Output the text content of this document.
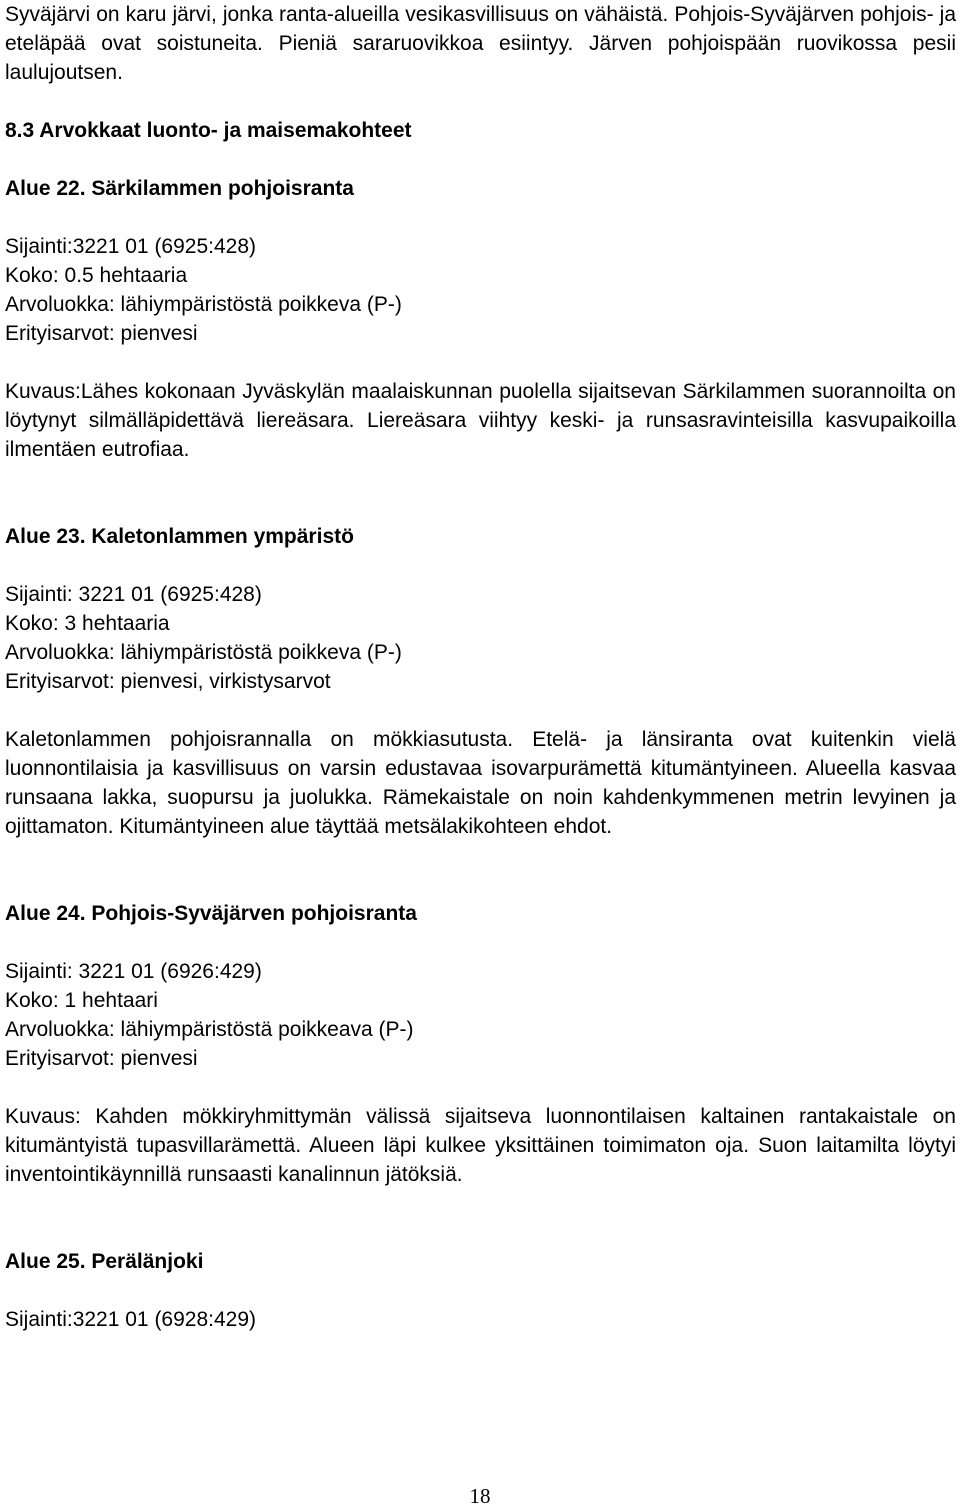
Syväjärvi on karu järvi, jonka ranta-alueilla vesikasvillisuus on vähäistä. Pohjois-Syväjärven pohjois- ja eteläpää ovat soistuneita. Pieniä sararuovikkoa esiintyy. Järven pohjoispään ruovikossa pesii laulujoutsen.

8.3 Arvokkaat luonto- ja maisemakohteet

Alue 22. Särkilammen pohjoisranta

Sijainti:3221 01 (6925:428)

Koko: 0.5 hehtaaria

Arvoluokka: lähiympäristöstä poikkeva (P-)

Erityisarvot: pienvesi

Kuvaus:Lähes kokonaan Jyväskylän maalaiskunnan puolella sijaitsevan Särkilammen suorannoilta on löytynyt silmälläpidettävä liereäsara. Liereäsara viihtyy keski- ja runsasravinteisilla kasvupaikoilla ilmentäen eutrofiaa.

Alue 23. Kaletonlammen ympäristö

Sijainti: 3221 01 (6925:428)

Koko: 3 hehtaaria

Arvoluokka: lähiympäristöstä poikkeva (P-)

Erityisarvot: pienvesi, virkistysarvot

Kaletonlammen pohjoisrannalla on mökkiasutusta. Etelä- ja länsiranta ovat kuitenkin vielä luonnontilaisia ja kasvillisuus on varsin edustavaa isovarpurämettä kitumäntyineen. Alueella kasvaa runsaana lakka, suopursu ja juolukka. Rämekaistale on noin kahdenkymmenen metrin levyinen ja ojittamaton. Kitumäntyineen alue täyttää metsälakikohteen ehdot.

Alue 24. Pohjois-Syväjärven pohjoisranta

Sijainti: 3221 01 (6926:429)

Koko: 1 hehtaari

Arvoluokka: lähiympäristöstä poikkeava (P-)

Erityisarvot: pienvesi

Kuvaus: Kahden mökkiryhmittymän välissä sijaitseva luonnontilaisen kaltainen rantakaistale on kitumäntyistä tupasvillarämettä. Alueen läpi kulkee yksittäinen toimimaton oja. Suon laitamilta löytyi inventointikäynnillä runsaasti kanalinnun jätöksiä.

Alue 25. Perälänjoki

Sijainti:3221 01 (6928:429)

18
